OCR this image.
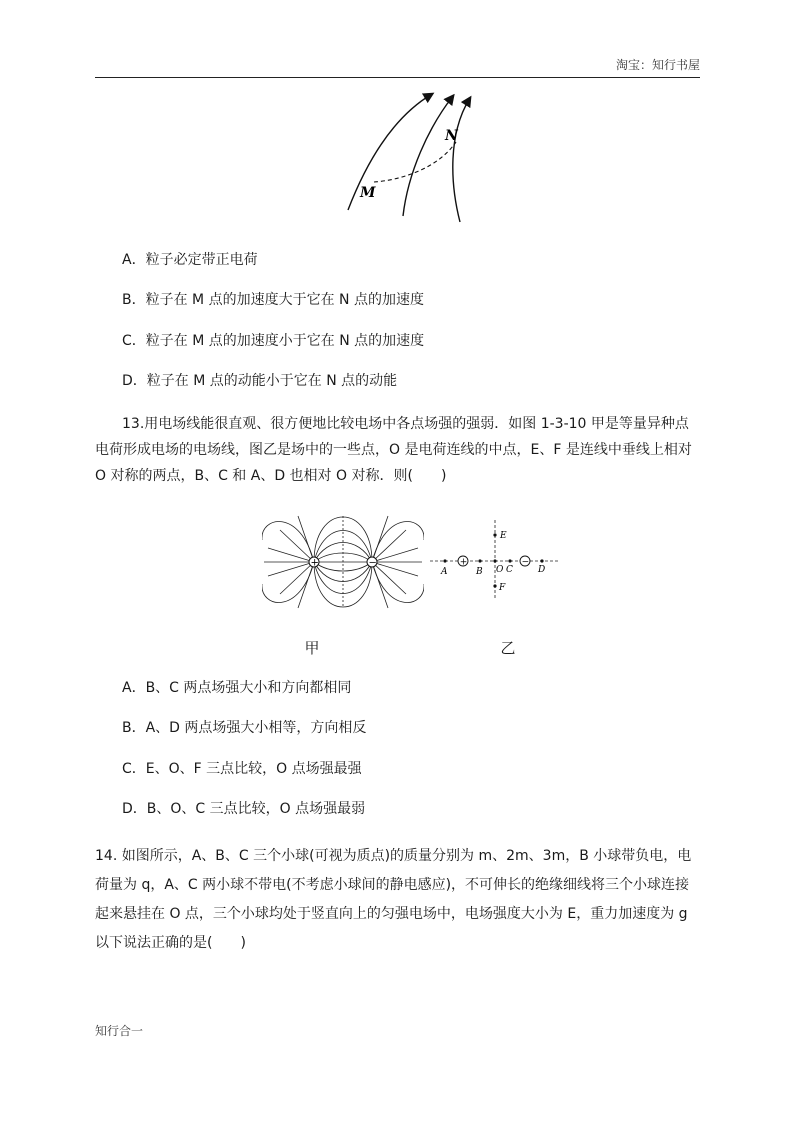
淘宝：知行书屋
N
M
A．粒子必定带正电荷
B．粒子在 M 点的加速度大于它在 N 点的加速度
C．粒子在 M 点的加速度小于它在 N 点的加速度
D．粒子在 M 点的动能小于它在 N 点的动能
13.用电场线能很直观、很方便地比较电场中各点场强的强弱．如图 1-3-10 甲是等量异种点电荷形成电场的电场线，图乙是场中的一些点，O 是电荷连线的中点，E、F 是连线中垂线上相对 O 对称的两点，B、C 和 A、D 也相对 O 对称．则(　　)
+	−	+	−
A	B O C	D
E
F
甲	乙
A．B、C 两点场强大小和方向都相同
B．A、D 两点场强大小相等，方向相反
C．E、O、F 三点比较，O 点场强最强
D．B、O、C 三点比较，O 点场强最弱
14. 如图所示，A、B、C 三个小球(可视为质点)的质量分别为 m、2m、3m，B 小球带负电，电荷量为 q，A、C 两小球不带电(不考虑小球间的静电感应)，不可伸长的绝缘细线将三个小球连接起来悬挂在 O 点，三个小球均处于竖直向上的匀强电场中，电场强度大小为 E，重力加速度为 g 以下说法正确的是(　　)
知行合一
